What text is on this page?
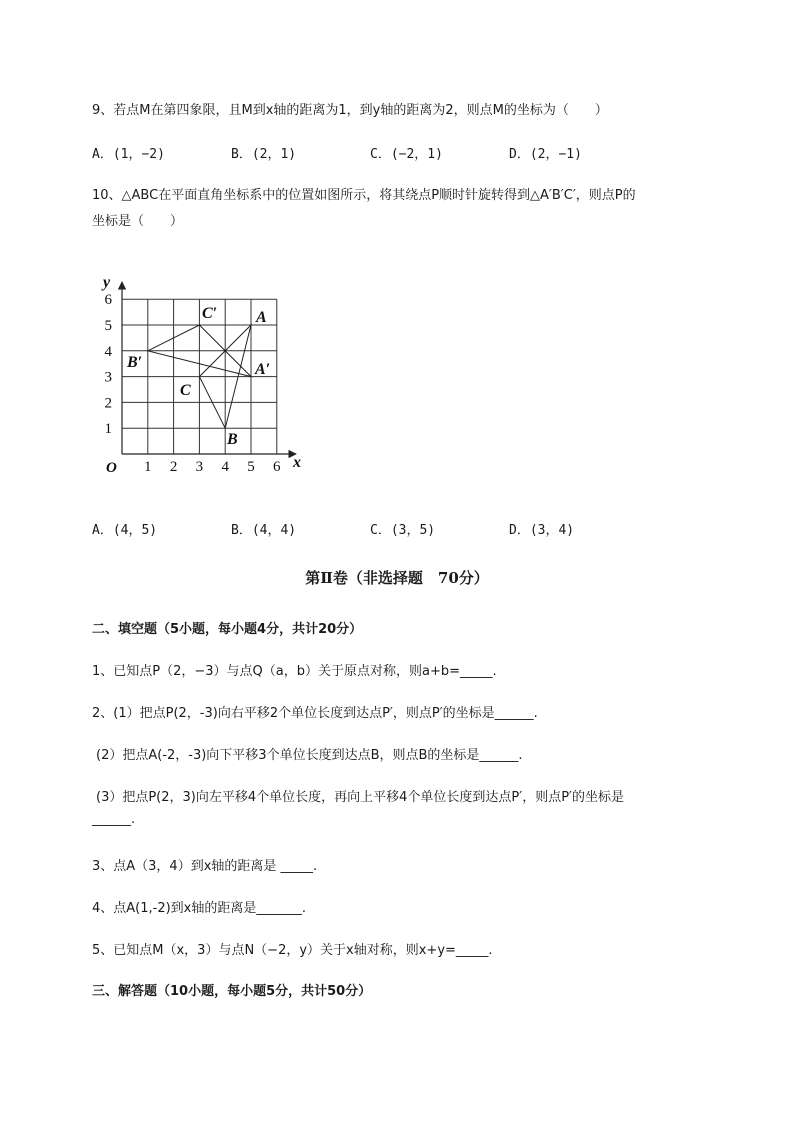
9、若点M在第四象限，且M到x轴的距离为1，到y轴的距离为2，则点M的坐标为（　　）
A．(1，−2)	B．(2，1)	C．(−2，1)	D．(2，−1)
10、△ABC在平面直角坐标系中的位置如图所示，将其绕点P顺时针旋转得到△A′B′C′，则点P的
坐标是（　　）
1 2 3 4 5 6
1
2
3
4
5
6
O	x
y
A
B
C
A′
B′
C′
A．(4，5)	B．(4，4)	C．(3，5)	D．(3，4)
第Ⅱ卷（非选择题　70分）
二、填空题（5小题，每小题4分，共计20分）
1、已知点P（2，−3）与点Q（a，b）关于原点对称，则a+b=_____.
2、(1）把点P(2，-3)向右平移2个单位长度到达点P′，则点P′的坐标是______.
(2）把点A(-2，-3)向下平移3个单位长度到达点B，则点B的坐标是______.
(3）把点P(2，3)向左平移4个单位长度，再向上平移4个单位长度到达点P′，则点P′的坐标是
______.
3、点A（3，4）到x轴的距离是 _____.
4、点A(1,-2)到x轴的距离是_______.
5、已知点M（x，3）与点N（−2，y）关于x轴对称，则x+y=_____.
三、解答题（10小题，每小题5分，共计50分）
